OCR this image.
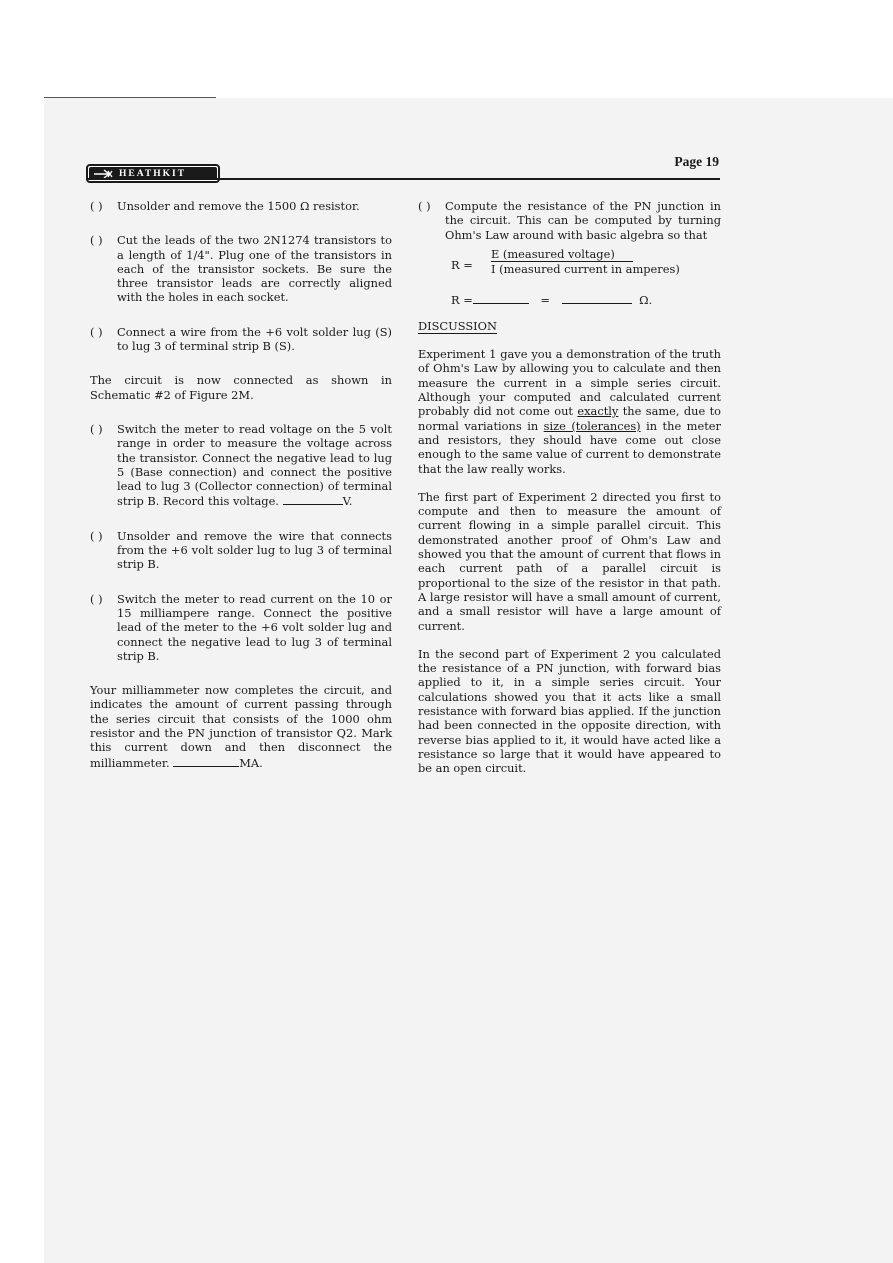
HEATHKIT
Page 19
( ) Unsolder and remove the 1500 Ω resistor.
( ) Cut the leads of the two 2N1274 transistors to a length of 1/4". Plug one of the transistors in each of the transistor sockets. Be sure the three transistor leads are correctly aligned with the holes in each socket.
( ) Connect a wire from the +6 volt solder lug (S) to lug 3 of terminal strip B (S).
The circuit is now connected as shown in Schematic #2 of Figure 2M.
( ) Switch the meter to read voltage on the 5 volt range in order to measure the voltage across the transistor. Connect the negative lead to lug 5 (Base connection) and connect the positive lead to lug 3 (Collector connection) of terminal strip B. Record this voltage.	V.
( ) Unsolder and remove the wire that connects from the +6 volt solder lug to lug 3 of terminal strip B.
( ) Switch the meter to read current on the 10 or 15 milliampere range. Connect the positive lead of the meter to the +6 volt solder lug and connect the negative lead to lug 3 of terminal strip B.
Your milliammeter now completes the circuit, and indicates the amount of current passing through the series circuit that consists of the 1000 ohm resistor and the PN junction of transistor Q2. Mark this current down and then disconnect the milliammeter.	MA.
( ) Compute the resistance of the PN junction in the circuit. This can be computed by turning Ohm's Law around with basic algebra so that
R =
E (measured voltage)
I (measured current in amperes)
R =	=	Ω.
DISCUSSION
Experiment 1 gave you a demonstration of the truth of Ohm's Law by allowing you to calculate and then measure the current in a simple series circuit. Although your computed and calculated current probably did not come out exactly the same, due to normal variations in size (tolerances) in the meter and resistors, they should have come out close enough to the same value of current to demonstrate that the law really works.
The first part of Experiment 2 directed you first to compute and then to measure the amount of current flowing in a simple parallel circuit. This demonstrated another proof of Ohm's Law and showed you that the amount of current that flows in each current path of a parallel circuit is proportional to the size of the resistor in that path. A large resistor will have a small amount of current, and a small resistor will have a large amount of current.
In the second part of Experiment 2 you calculated the resistance of a PN junction, with forward bias applied to it, in a simple series circuit. Your calculations showed you that it acts like a small resistance with forward bias applied. If the junction had been connected in the opposite direction, with reverse bias applied to it, it would have acted like a resistance so large that it would have appeared to be an open circuit.
